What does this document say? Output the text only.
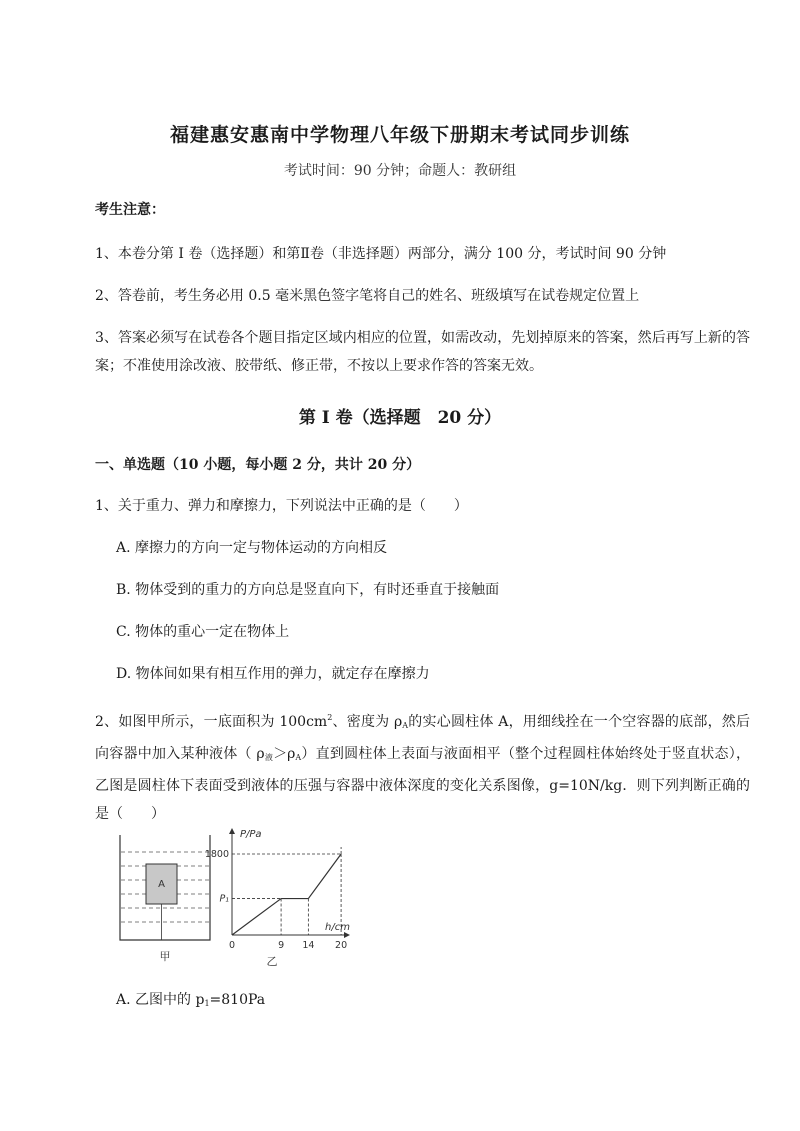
福建惠安惠南中学物理八年级下册期末考试同步训练
考试时间：90 分钟；命题人：教研组
考生注意：
1、本卷分第 I 卷（选择题）和第Ⅱ卷（非选择题）两部分，满分 100 分，考试时间 90 分钟
2、答卷前，考生务必用 0.5 毫米黑色签字笔将自己的姓名、班级填写在试卷规定位置上
3、答案必须写在试卷各个题目指定区域内相应的位置，如需改动，先划掉原来的答案，然后再写上新的答案；不准使用涂改液、胶带纸、修正带，不按以上要求作答的答案无效。
第 I 卷（选择题　20 分）
一、单选题（10 小题，每小题 2 分，共计 20 分）
1、关于重力、弹力和摩擦力，下列说法中正确的是（　　）
A. 摩擦力的方向一定与物体运动的方向相反
B. 物体受到的重力的方向总是竖直向下，有时还垂直于接触面
C. 物体的重心一定在物体上
D. 物体间如果有相互作用的弹力，就定存在摩擦力
2、如图甲所示，一底面积为 $100cm^2$、密度为 $\rho_A$的实心圆柱体 A，用细线拴在一个空容器的底部，然后向容器中加入某种液体（ $\rho_液>\rho_A$）直到圆柱体上表面与液面相平（整个过程圆柱体始终处于竖直状态），乙图是圆柱体下表面受到液体的压强与容器中液体深度的变化关系图像，g=10N/kg．则下列判断正确的是（　　）
A
甲
P/Pa
h/cm
1800
P₁
0	9 14 20
乙
A. 乙图中的 $p_1=810Pa$
